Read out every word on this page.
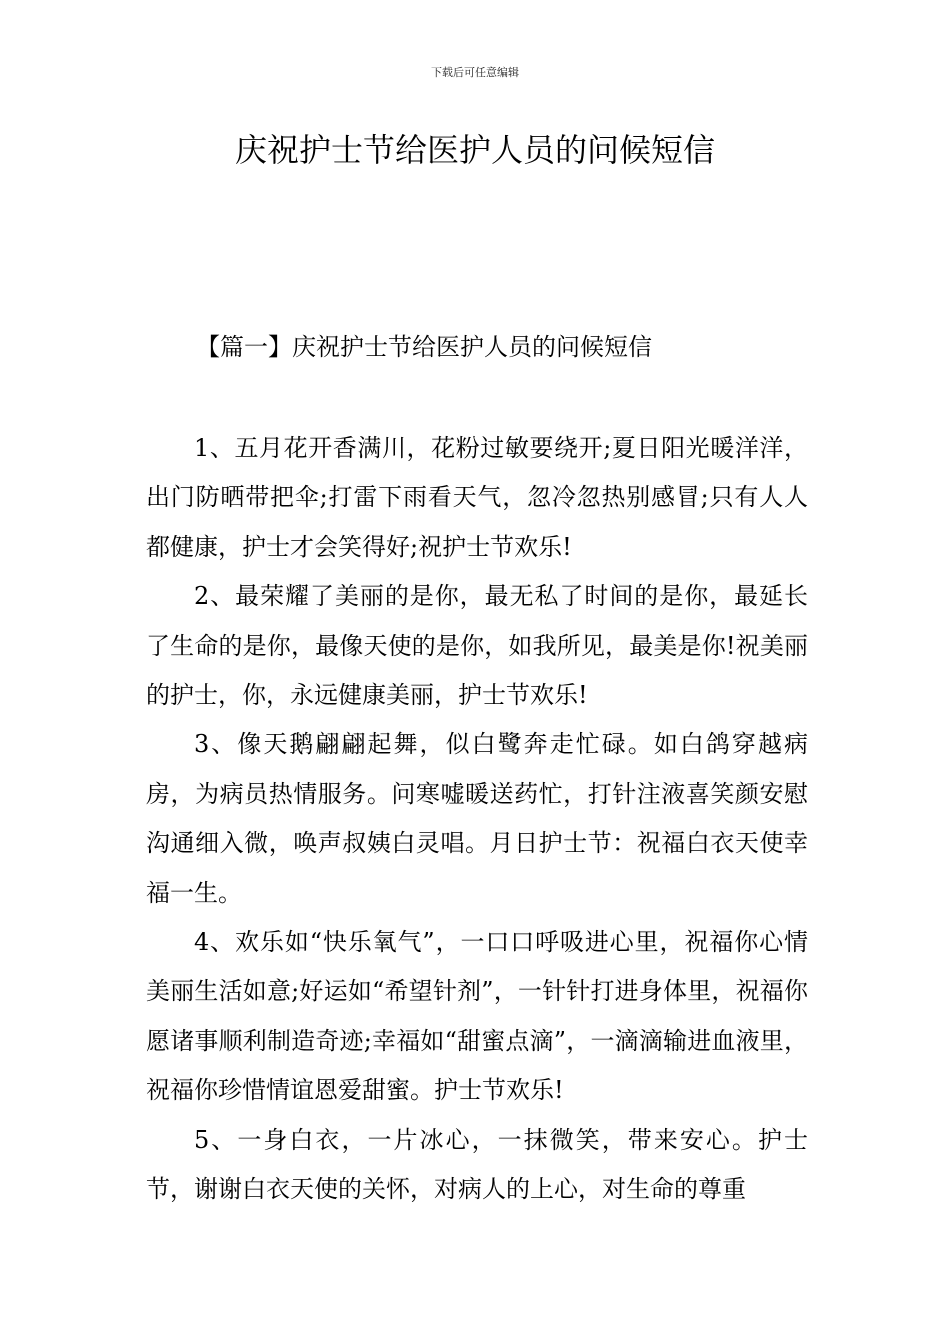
下载后可任意编辑
庆祝护士节给医护人员的问候短信
【篇一】庆祝护士节给医护人员的问候短信

1、五月花开香满川，花粉过敏要绕开;夏日阳光暖洋洋，出门防晒带把伞;打雷下雨看天气，忽冷忽热别感冒;只有人人都健康，护士才会笑得好;祝护士节欢乐!

2、最荣耀了美丽的是你，最无私了时间的是你，最延长了生命的是你，最像天使的是你，如我所见，最美是你!祝美丽的护士，你，永远健康美丽，护士节欢乐!

3、像天鹅翩翩起舞，似白鹭奔走忙碌。如白鸽穿越病房，为病员热情服务。问寒嘘暖送药忙，打针注液喜笑颜安慰沟通细入微，唤声叔姨白灵唱。月日护士节：祝福白衣天使幸福一生。

4、欢乐如“快乐氧气”，一口口呼吸进心里，祝福你心情美丽生活如意;好运如“希望针剂”，一针针打进身体里，祝福你愿诸事顺利制造奇迹;幸福如“甜蜜点滴”，一滴滴输进血液里，祝福你珍惜情谊恩爱甜蜜。护士节欢乐!

5、一身白衣，一片冰心，一抹微笑，带来安心。护士节，谢谢白衣天使的关怀，对病人的上心，对生命的尊重
